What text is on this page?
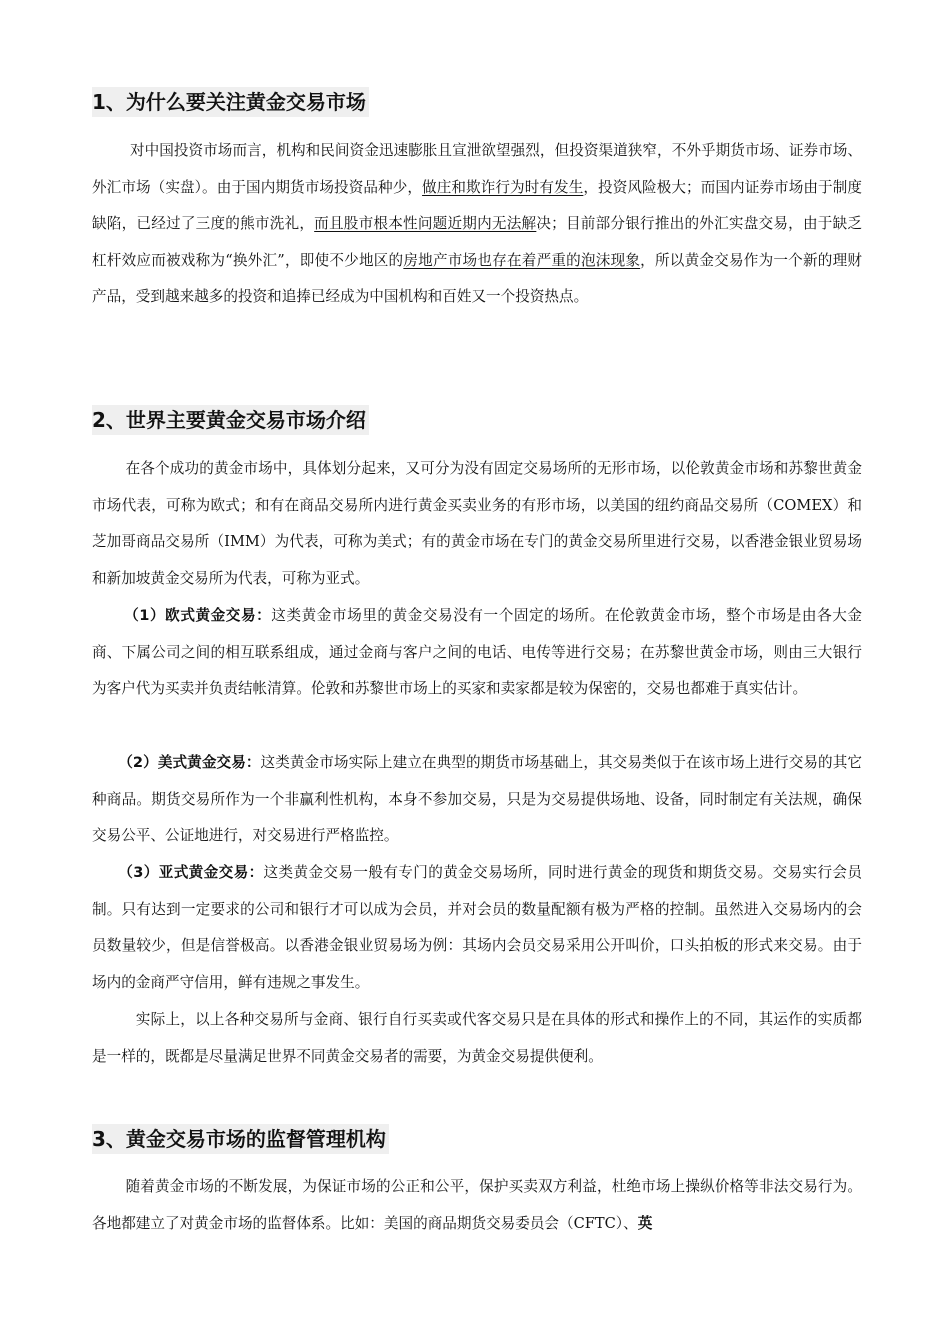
1、为什么要关注黄金交易市场

对中国投资市场而言，机构和民间资金迅速膨胀且宣泄欲望强烈，但投资渠道狭窄，不外乎期货市场、证券市场、外汇市场（实盘）。由于国内期货市场投资品种少，做庄和欺诈行为时有发生，投资风险极大；而国内证券市场由于制度缺陷，已经过了三度的熊市洗礼，而且股市根本性问题近期内无法解决；目前部分银行推出的外汇实盘交易，由于缺乏杠杆效应而被戏称为“换外汇”，即使不少地区的房地产市场也存在着严重的泡沫现象，所以黄金交易作为一个新的理财产品，受到越来越多的投资和追捧已经成为中国机构和百姓又一个投资热点。

2、世界主要黄金交易市场介绍

在各个成功的黄金市场中，具体划分起来，又可分为没有固定交易场所的无形市场，以伦敦黄金市场和苏黎世黄金市场代表，可称为欧式；和有在商品交易所内进行黄金买卖业务的有形市场，以美国的纽约商品交易所（COMEX）和芝加哥商品交易所（IMM）为代表，可称为美式；有的黄金市场在专门的黄金交易所里进行交易，以香港金银业贸易场和新加坡黄金交易所为代表，可称为亚式。

（1）欧式黄金交易：这类黄金市场里的黄金交易没有一个固定的场所。在伦敦黄金市场，整个市场是由各大金商、下属公司之间的相互联系组成，通过金商与客户之间的电话、电传等进行交易；在苏黎世黄金市场，则由三大银行为客户代为买卖并负责结帐清算。伦敦和苏黎世市场上的买家和卖家都是较为保密的，交易也都难于真实估计。

（2）美式黄金交易：这类黄金市场实际上建立在典型的期货市场基础上，其交易类似于在该市场上进行交易的其它种商品。期货交易所作为一个非赢利性机构，本身不参加交易，只是为交易提供场地、设备，同时制定有关法规，确保交易公平、公证地进行，对交易进行严格监控。

（3）亚式黄金交易：这类黄金交易一般有专门的黄金交易场所，同时进行黄金的现货和期货交易。交易实行会员制。只有达到一定要求的公司和银行才可以成为会员，并对会员的数量配额有极为严格的控制。虽然进入交易场内的会员数量较少，但是信誉极高。以香港金银业贸易场为例：其场内会员交易采用公开叫价，口头拍板的形式来交易。由于场内的金商严守信用，鲜有违规之事发生。

实际上，以上各种交易所与金商、银行自行买卖或代客交易只是在具体的形式和操作上的不同，其运作的实质都是一样的，既都是尽量满足世界不同黄金交易者的需要，为黄金交易提供便利。

3、黄金交易市场的监督管理机构

随着黄金市场的不断发展，为保证市场的公正和公平，保护买卖双方利益，杜绝市场上操纵价格等非法交易行为。各地都建立了对黄金市场的监督体系。比如：美国的商品期货交易委员会（CFTC）、英
